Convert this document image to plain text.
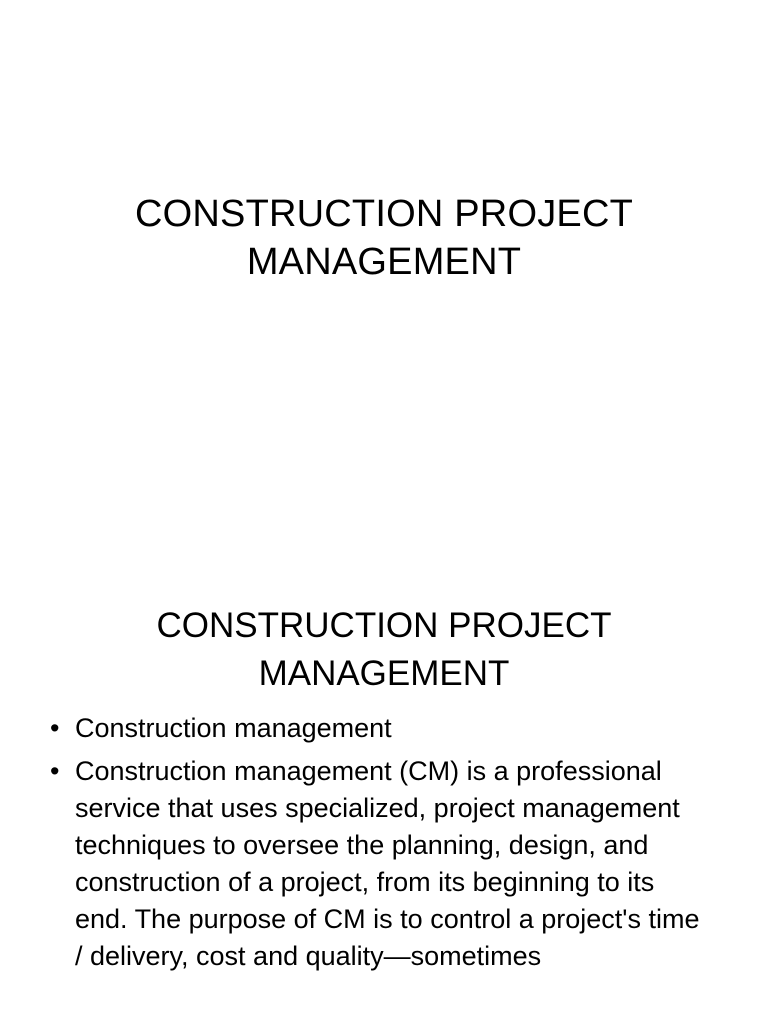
CONSTRUCTION PROJECT
MANAGEMENT
CONSTRUCTION PROJECT
MANAGEMENT
• Construction management
• Construction management (CM) is a professional service that uses specialized, project management techniques to oversee the planning, design, and construction of a project, from its beginning to its end. The purpose of CM is to control a project's time / delivery, cost and quality—sometimes
